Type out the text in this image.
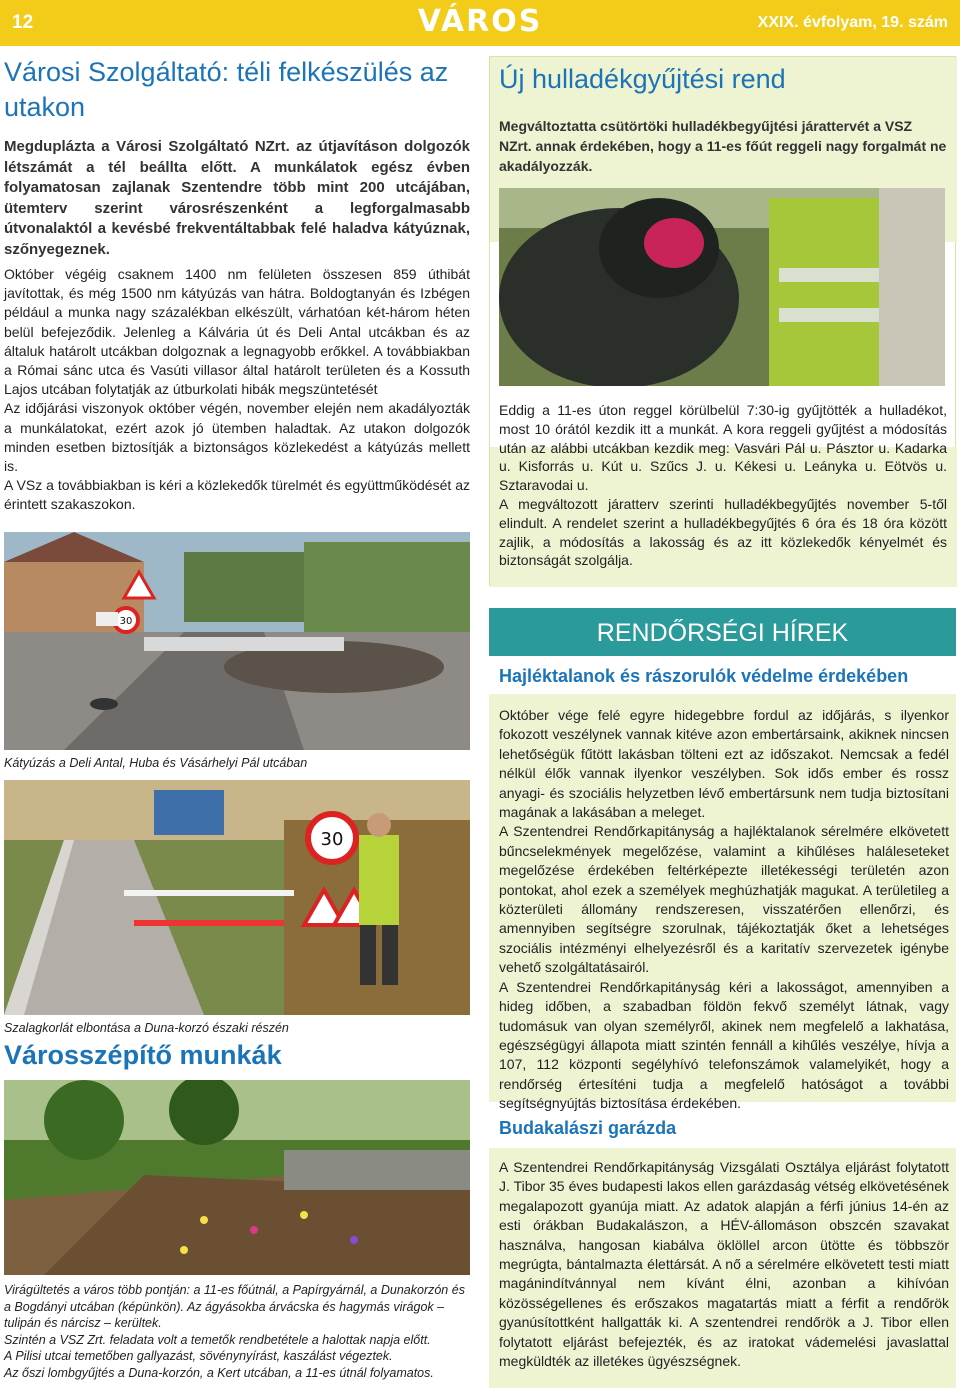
12	VÁROS	XXIX. évfolyam, 19. szám
Városi Szolgáltató: téli felkészülés az utakon
Megduplázta a Városi Szolgáltató NZrt. az útjavításon dolgozók létszámát a tél beállta előtt. A munkálatok egész évben folyamatosan zajlanak Szentendre több mint 200 utcájában, ütemterv szerint városrészenként a legforgalmasabb útvonalaktól a kevésbé frekventáltabbak felé haladva kátyúznak, szőnyegeznek.

Október végéig csaknem 1400 nm felületen összesen 859 úthibát javítottak, és még 1500 nm kátyúzás van hátra. Boldogtanyán és Izbégen például a munka nagy százalékban elkészült, várhatóan két-három héten belül befejeződik. Jelenleg a Kálvária út és Deli Antal utcákban és az általuk határolt utcákban dolgoznak a legnagyobb erőkkel. A továbbiakban a Római sánc utca és Vasúti villasor által határolt területen és a Kossuth Lajos utcában folytatják az útburkolati hibák megszüntetését

Az időjárási viszonyok október végén, november elején nem akadályozták a munkálatokat, ezért azok jó ütemben haladtak. Az utakon dolgozók minden esetben biztosítják a biztonságos közlekedést a kátyúzás mellett is.

A VSz a továbbiakban is kéri a közlekedők türelmét és együttműködését az érintett szakaszokon.

30
Kátyúzás a Deli Antal, Huba és Vásárhelyi Pál utcában
30
Szalagkorlát elbontása a Duna-korzó északi részén
Városszépítő munkák

Virágültetés a város több pontján: a 11-es főútnál, a Papírgyárnál, a Dunakorzón és a Bogdányi utcában (képünkön). Az ágyásokba árvácska és hagymás virágok – tulipán és nárcisz – kerültek.

Szintén a VSZ Zrt. feladata volt a temetők rendbetétele a halottak napja előtt.

A Pilisi utcai temetőben gallyazást, sövénynyírást, kaszálást végeztek.

Az őszi lombgyűjtés a Duna-korzón, a Kert utcában, a 11-es útnál folyamatos.

Új hulladékgyűjtési rend
Megváltoztatta csütörtöki hulladékbegyűjtési járattervét a VSZ NZrt. annak érdekében, hogy a 11-es főút reggeli nagy forgalmát ne akadályozzák.

Eddig a 11-es úton reggel körülbelül 7:30-ig gyűjtötték a hulladékot, most 10 órától kezdik itt a munkát. A kora reggeli gyűjtést a módosítás után az alábbi utcákban kezdik meg: Vasvári Pál u. Pásztor u. Kadarka u. Kisforrás u. Kút u. Szűcs J. u. Kékesi u. Leányka u. Eötvös u. Sztaravodai u.

A megváltozott járatterv szerinti hulladékbegyűjtés november 5-től elindult. A rendelet szerint a hulladékbegyűjtés 6 óra és 18 óra között zajlik, a módosítás a lakosság és az itt közlekedők kényelmét és biztonságát szolgálja.

RENDŐRSÉGI HÍREK
Hajléktalanok és rászorulók védelme érdekében

Október vége felé egyre hidegebbre fordul az időjárás, s ilyenkor fokozott veszélynek vannak kitéve azon embertársaink, akiknek nincsen lehetőségük fűtött lakásban tölteni ezt az időszakot. Nemcsak a fedél nélkül élők vannak ilyenkor veszélyben. Sok idős ember és rossz anyagi- és szociális helyzetben lévő embertársunk nem tudja biztosítani magának a lakásában a meleget.

A Szentendrei Rendőrkapitányság a hajléktalanok sérelmére elkövetett bűncselekmények megelőzése, valamint a kihűléses haláleseteket megelőzése érdekében feltérképezte illetékességi területén azon pontokat, ahol ezek a személyek meghúzhatják magukat. A területileg a közterületi állomány rendszeresen, visszatérően ellenőrzi, és amennyiben segítségre szorulnak, tájékoztatják őket a lehetséges szociális intézményi elhelyezésről és a karitatív szervezetek igénybe vehető szolgáltatásairól.

A Szentendrei Rendőrkapitányság kéri a lakosságot, amennyiben a hideg időben, a szabadban földön fekvő személyt látnak, vagy tudomásuk van olyan személyről, akinek nem megfelelő a lakhatása, egészségügyi állapota miatt szintén fennáll a kihűlés veszélye, hívja a 107, 112 központi segélyhívó telefonszámok valamelyikét, hogy a rendőrség értesíténi tudja a megfelelő hatóságot a további segítségnyújtás biztosítása érdekében.

Budakalászi garázda
A Szentendrei Rendőrkapitányság Vizsgálati Osztálya eljárást folytatott J. Tibor 35 éves budapesti lakos ellen garázdaság vétség elkövetésének megalapozott gyanúja miatt. Az adatok alapján a férfi június 14-én az esti órákban Budakalászon, a HÉV-állomáson obszcén szavakat használva, hangosan kiabálva öklöllel arcon ütötte és többször megrúgta, bántalmazta élettársát. A nő a sérelmére elkövetett testi miatt magánindítvánnyal nem kívánt élni, azonban a kihívóan közösségellenes és erőszakos magatartás miatt a férfit a rendőrök gyanúsítottként hallgatták ki. A szentendrei rendőrök a J. Tibor ellen folytatott eljárást befejezték, és az iratokat vádemelési javaslattal megküldték az illetékes ügyészségnek.
